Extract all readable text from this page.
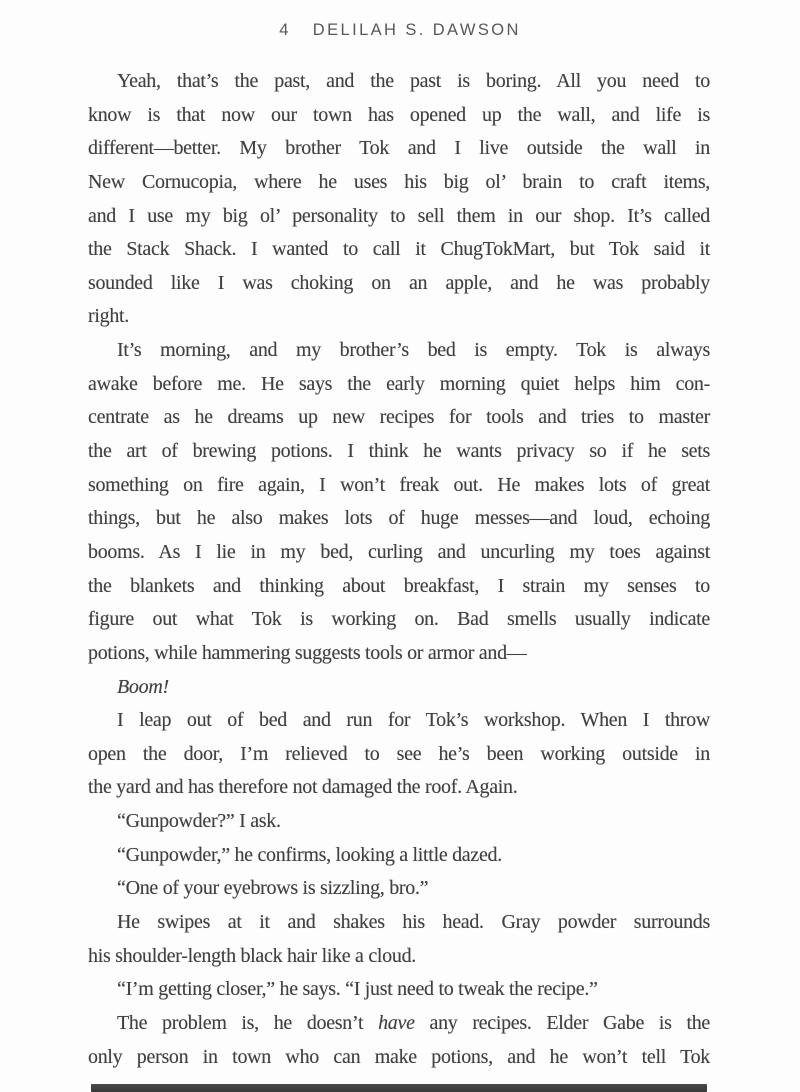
4 DELILAH S. DAWSON
Yeah, that’s the past, and the past is boring. All you need to
know is that now our town has opened up the wall, and life is
different—better. My brother Tok and I live outside the wall in
New Cornucopia, where he uses his big ol’ brain to craft items,
and I use my big ol’ personality to sell them in our shop. It’s called
the Stack Shack. I wanted to call it ChugTokMart, but Tok said it
sounded like I was choking on an apple, and he was probably
right.
It’s morning, and my brother’s bed is empty. Tok is always
awake before me. He says the early morning quiet helps him con-
centrate as he dreams up new recipes for tools and tries to master
the art of brewing potions. I think he wants privacy so if he sets
something on fire again, I won’t freak out. He makes lots of great
things, but he also makes lots of huge messes—and loud, echoing
booms. As I lie in my bed, curling and uncurling my toes against
the blankets and thinking about breakfast, I strain my senses to
figure out what Tok is working on. Bad smells usually indicate
potions, while hammering suggests tools or armor and—
Boom!
I leap out of bed and run for Tok’s workshop. When I throw
open the door, I’m relieved to see he’s been working outside in
the yard and has therefore not damaged the roof. Again.
“Gunpowder?” I ask.
“Gunpowder,” he confirms, looking a little dazed.
“One of your eyebrows is sizzling, bro.”
He swipes at it and shakes his head. Gray powder surrounds
his shoulder-length black hair like a cloud.
“I’m getting closer,” he says. “I just need to tweak the recipe.”
The problem is, he doesn’t have any recipes. Elder Gabe is the
only person in town who can make potions, and he won’t tell Tok
